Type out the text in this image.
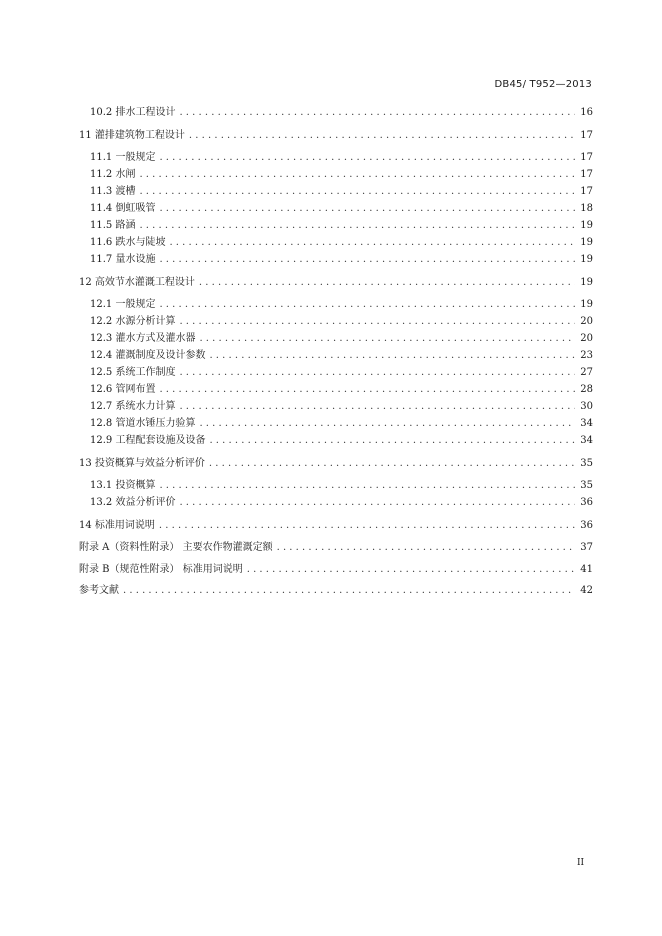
DB45/ T952—2013
10.2 排水工程设计 . . .	16
11 灌排建筑物工程设计 . . .	17
11.1 一般规定 . . .	17
11.2 水闸 . . .	17
11.3 渡槽 . . .	17
11.4 倒虹吸管 . . .	18
11.5 路涵 . . .	19
11.6 跌水与陡坡 . . .	19
11.7 量水设施 . . .	19
12 高效节水灌溉工程设计 . . .	19
12.1 一般规定 . . .	19
12.2 水源分析计算 . . .	20
12.3 灌水方式及灌水器 . . .	20
12.4 灌溉制度及设计参数 . . .	23
12.5 系统工作制度 . . .	27
12.6 管网布置 . . .	28
12.7 系统水力计算 . . .	30
12.8 管道水锤压力验算 . . .	34
12.9 工程配套设施及设备 . . .	34
13 投资概算与效益分析评价 . . .	35
13.1 投资概算 . . .	35
13.2 效益分析评价 . . .	36
14 标准用词说明 . . .	36
附录 A（资料性附录） 主要农作物灌溉定额 . . .	37
附录 B（规范性附录） 标准用词说明 . . .	41
参考文献 . . .	42
II
